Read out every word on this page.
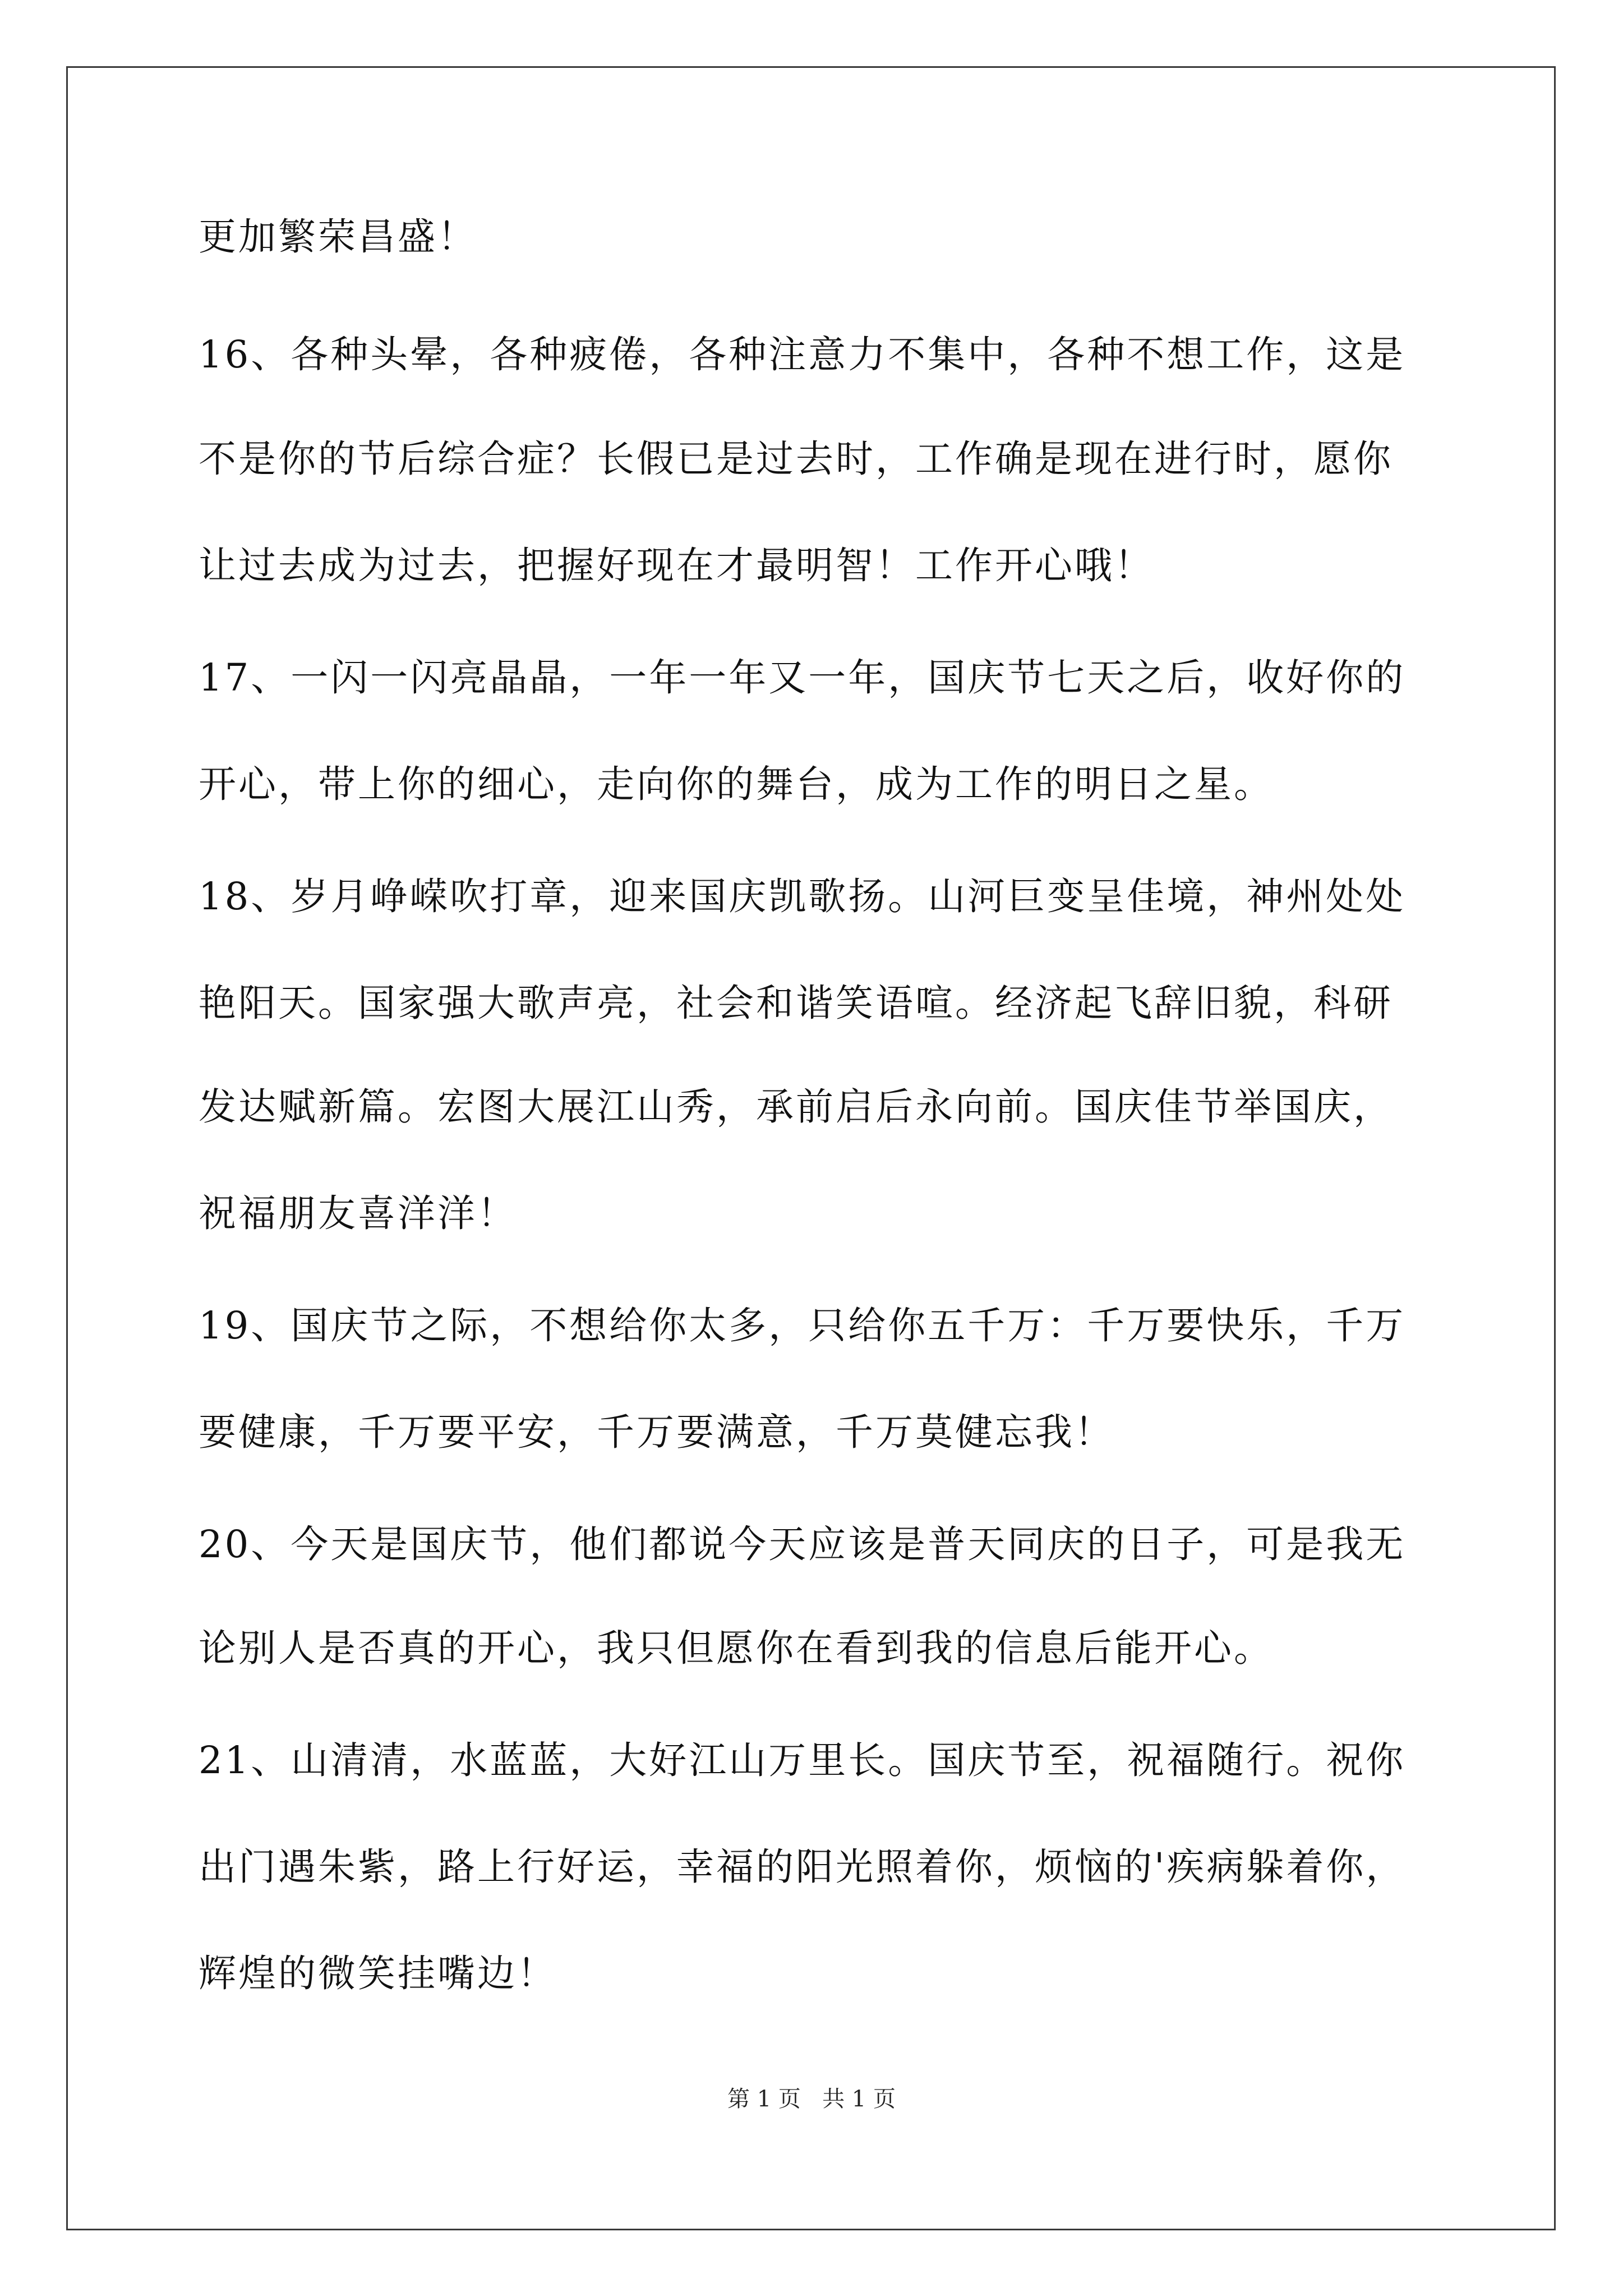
更加繁荣昌盛！
16、各种头晕，各种疲倦，各种注意力不集中，各种不想工作，这是
不是你的节后综合症？长假已是过去时，工作确是现在进行时，愿你
让过去成为过去，把握好现在才最明智！工作开心哦！
17、一闪一闪亮晶晶，一年一年又一年，国庆节七天之后，收好你的
开心，带上你的细心，走向你的舞台，成为工作的明日之星。
18、岁月峥嵘吹打章，迎来国庆凯歌扬。山河巨变呈佳境，神州处处
艳阳天。国家强大歌声亮，社会和谐笑语喧。经济起飞辞旧貌，科研
发达赋新篇。宏图大展江山秀，承前启后永向前。国庆佳节举国庆，
祝福朋友喜洋洋！
19、国庆节之际，不想给你太多，只给你五千万：千万要快乐，千万
要健康，千万要平安，千万要满意，千万莫健忘我！
20、今天是国庆节，他们都说今天应该是普天同庆的日子，可是我无
论别人是否真的开心，我只但愿你在看到我的信息后能开心。
21、山清清，水蓝蓝，大好江山万里长。国庆节至，祝福随行。祝你
出门遇朱紫，路上行好运，幸福的阳光照着你，烦恼的'疾病躲着你，
辉煌的微笑挂嘴边！
第 1 页   共 1 页
